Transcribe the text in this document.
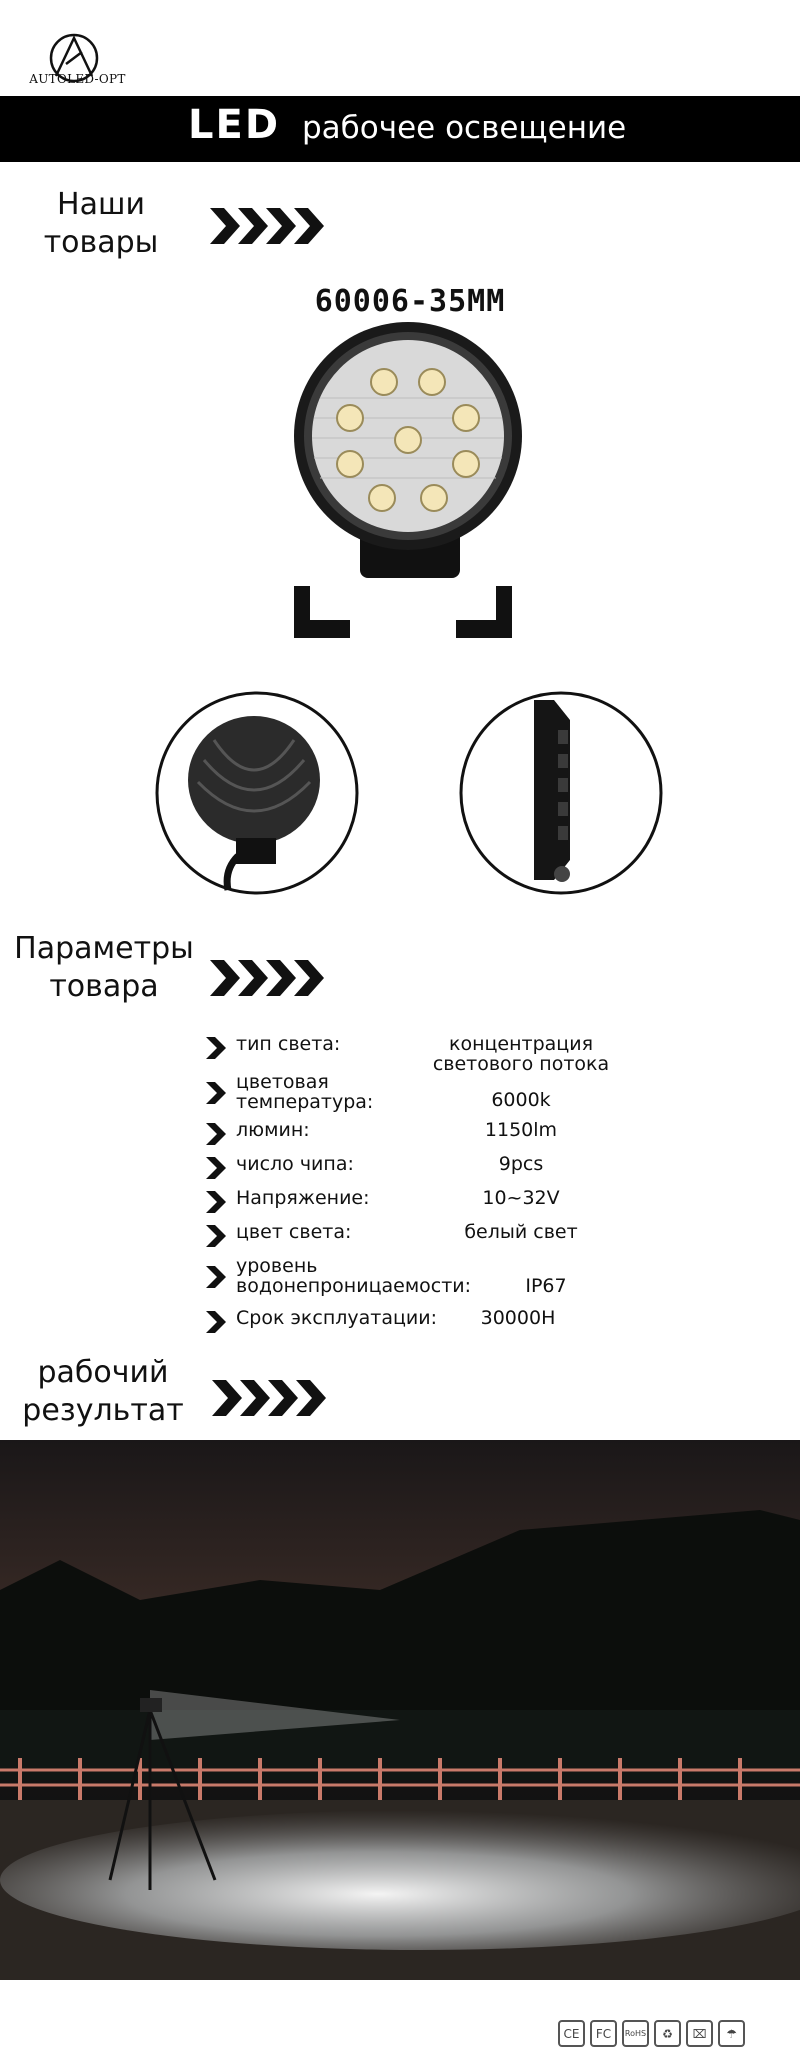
AUTOLED-OPT
LED рабочее освещение
Наши
товары
60006-35MM
Параметры
товара
тип света:	концентрация
светового потока
цветовая
температура:	6000k
люмин:	1150lm
число чипа:	9pcs
Напряжение:	10~32V
цвет света:	белый свет
уровень
водонепроницаемости:	IP67
Срок эксплуатации:	30000H
рабочий
результат
CE	FC	RoHS	♻	⌧	☂
